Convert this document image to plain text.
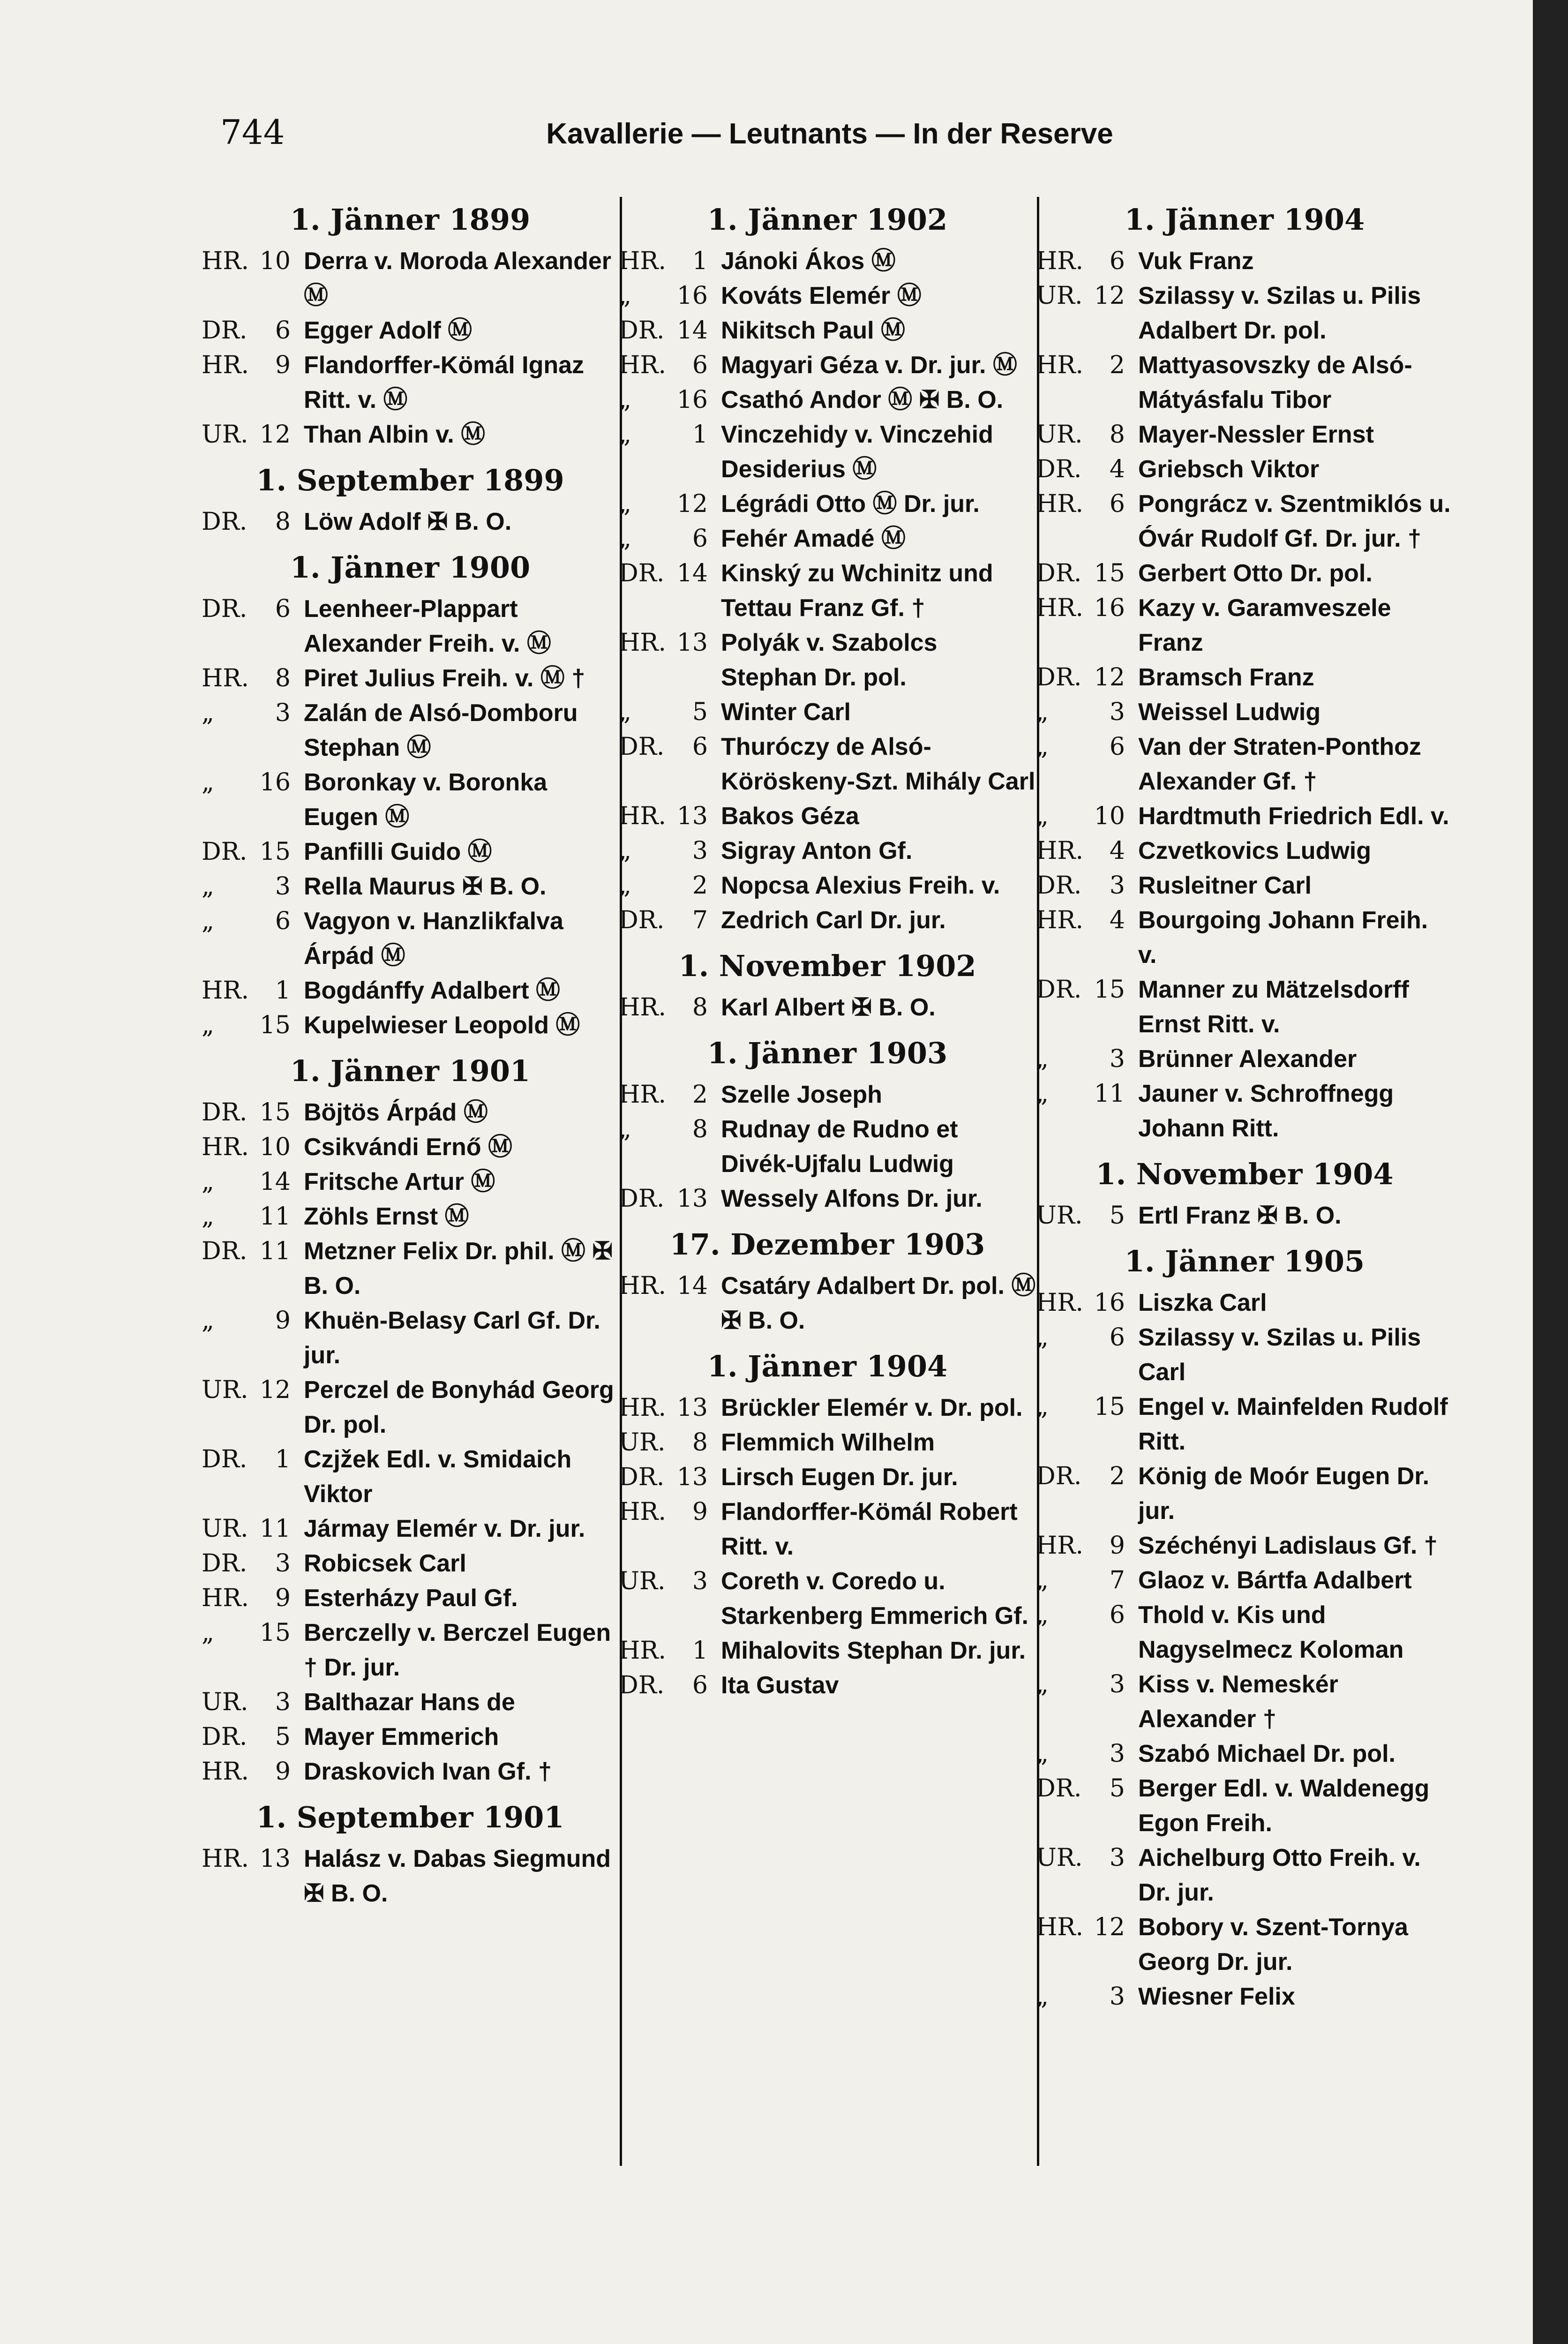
744	Kavallerie — Leutnants — In der Reserve
1. Jänner 1899
HR. 10 Derra v. Moroda Alexander Ⓜ
DR.	6 Egger Adolf Ⓜ
HR.	9 Flandorffer-Kömál Ignaz Ritt. v. Ⓜ
UR. 12 Than Albin v. Ⓜ
1. September 1899
DR.	8 Löw Adolf ✠ B. O.
1. Jänner 1900
DR.	6 Leenheer-Plappart Alexander Freih. v. Ⓜ
HR.	8 Piret Julius Freih. v. Ⓜ †
„	3 Zalán de Alsó-Domboru Stephan Ⓜ
„	16 Boronkay v. Boronka Eugen Ⓜ
DR. 15 Panfilli Guido Ⓜ
„	3 Rella Maurus ✠ B. O.
„	6 Vagyon v. Hanzlikfalva Árpád Ⓜ
HR.	1 Bogdánffy Adalbert Ⓜ
„	15 Kupelwieser Leopold Ⓜ
1. Jänner 1901
DR. 15 Böjtös Árpád Ⓜ
HR. 10 Csikvándi Ernő Ⓜ
„	14 Fritsche Artur Ⓜ
„	11 Zöhls Ernst Ⓜ
DR. 11 Metzner Felix Dr. phil. Ⓜ ✠ B. O.
„	9 Khuën-Belasy Carl Gf. Dr. jur.
UR. 12 Perczel de Bonyhád Georg Dr. pol.
DR.	1 Czjžek Edl. v. Smidaich Viktor
UR. 11 Jármay Elemér v. Dr. jur.
DR.	3 Robicsek Carl
HR.	9 Esterházy Paul Gf.
„	15 Berczelly v. Berczel Eugen † Dr. jur.
UR.	3 Balthazar Hans de
DR.	5 Mayer Emmerich
HR.	9 Draskovich Ivan Gf. †
1. September 1901
HR. 13 Halász v. Dabas Siegmund ✠ B. O.
1. Jänner 1902
HR.	1 Jánoki Ákos Ⓜ
„	16 Kováts Elemér Ⓜ
DR. 14 Nikitsch Paul Ⓜ
HR.	6 Magyari Géza v. Dr. jur. Ⓜ
„	16 Csathó Andor Ⓜ ✠ B. O.
„	1 Vinczehidy v. Vinczehid Desiderius Ⓜ
„	12 Légrádi Otto Ⓜ Dr. jur.
„	6 Fehér Amadé Ⓜ
DR. 14 Kinský zu Wchinitz und Tettau Franz Gf. †
HR. 13 Polyák v. Szabolcs Stephan Dr. pol.
„	5 Winter Carl
DR.	6 Thuróczy de Alsó-Köröskeny-Szt. Mihály Carl
HR. 13 Bakos Géza
„	3 Sigray Anton Gf.
„	2 Nopcsa Alexius Freih. v.
DR.	7 Zedrich Carl Dr. jur.
1. November 1902
HR.	8 Karl Albert ✠ B. O.
1. Jänner 1903
HR.	2 Szelle Joseph
„	8 Rudnay de Rudno et Divék-Ujfalu Ludwig
DR. 13 Wessely Alfons Dr. jur.
17. Dezember 1903
HR. 14 Csatáry Adalbert Dr. pol. Ⓜ ✠ B. O.
1. Jänner 1904
HR. 13 Brückler Elemér v. Dr. pol.
UR.	8 Flemmich Wilhelm
DR. 13 Lirsch Eugen Dr. jur.
HR.	9 Flandorffer-Kömál Robert Ritt. v.
UR.	3 Coreth v. Coredo u. Starkenberg Emmerich Gf.
HR.	1 Mihalovits Stephan Dr. jur.
DR.	6 Ita Gustav
1. Jänner 1904
HR.	6 Vuk Franz
UR. 12 Szilassy v. Szilas u. Pilis Adalbert Dr. pol.
HR.	2 Mattyasovszky de Alsó-Mátyásfalu Tibor
UR.	8 Mayer-Nessler Ernst
DR.	4 Griebsch Viktor
HR.	6 Pongrácz v. Szentmiklós u. Óvár Rudolf Gf. Dr. jur. †
DR. 15 Gerbert Otto Dr. pol.
HR. 16 Kazy v. Garamveszele Franz
DR. 12 Bramsch Franz
„	3 Weissel Ludwig
„	6 Van der Straten-Ponthoz Alexander Gf. †
„	10 Hardtmuth Friedrich Edl. v.
HR.	4 Czvetkovics Ludwig
DR.	3 Rusleitner Carl
HR.	4 Bourgoing Johann Freih. v.
DR. 15 Manner zu Mätzelsdorff Ernst Ritt. v.
„	3 Brünner Alexander
„	11 Jauner v. Schroffnegg Johann Ritt.
1. November 1904
UR.	5 Ertl Franz ✠ B. O.
1. Jänner 1905
HR. 16 Liszka Carl
„	6 Szilassy v. Szilas u. Pilis Carl
„	15 Engel v. Mainfelden Rudolf Ritt.
DR.	2 König de Moór Eugen Dr. jur.
HR.	9 Széchényi Ladislaus Gf. †
„	7 Glaoz v. Bártfa Adalbert
„	6 Thold v. Kis und Nagyselmecz Koloman
„	3 Kiss v. Nemeskér Alexander †
„	3 Szabó Michael Dr. pol.
DR.	5 Berger Edl. v. Waldenegg Egon Freih.
UR.	3 Aichelburg Otto Freih. v. Dr. jur.
HR. 12 Bobory v. Szent-Tornya Georg Dr. jur.
„	3 Wiesner Felix
